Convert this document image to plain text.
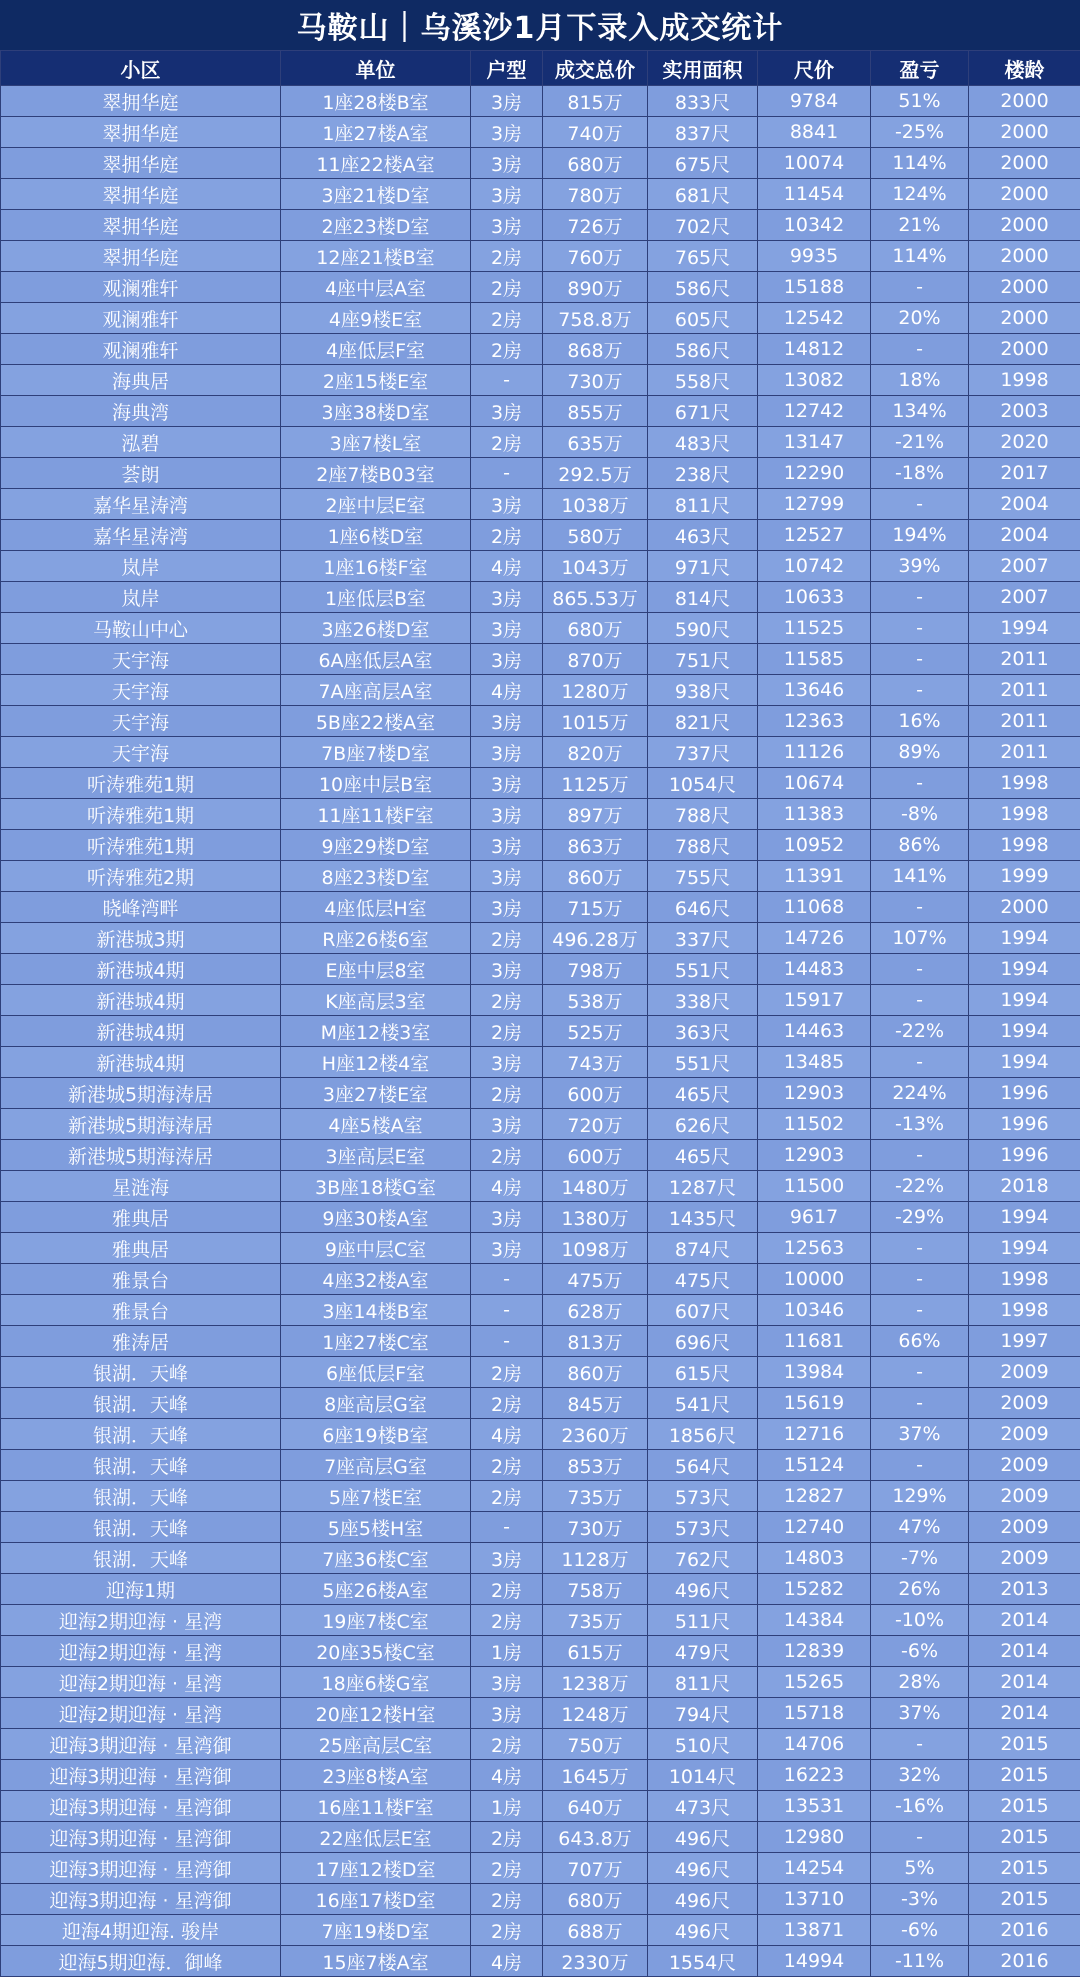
马鞍山｜乌溪沙1月下录入成交统计
小区	单位	户型	成交总价	实用面积	尺价	盈亏	楼龄
翠拥华庭	1座28楼B室	3房	815万	833尺	9784	51%	2000
翠拥华庭	1座27楼A室	3房	740万	837尺	8841	-25%	2000
翠拥华庭	11座22楼A室	3房	680万	675尺	10074	114%	2000
翠拥华庭	3座21楼D室	3房	780万	681尺	11454	124%	2000
翠拥华庭	2座23楼D室	3房	726万	702尺	10342	21%	2000
翠拥华庭	12座21楼B室	2房	760万	765尺	9935	114%	2000
观澜雅轩	4座中层A室	2房	890万	586尺	15188	-	2000
观澜雅轩	4座9楼E室	2房	758.8万	605尺	12542	20%	2000
观澜雅轩	4座低层F室	2房	868万	586尺	14812	-	2000
海典居	2座15楼E室	-	730万	558尺	13082	18%	1998
海典湾	3座38楼D室	3房	855万	671尺	12742	134%	2003
泓碧	3座7楼L室	2房	635万	483尺	13147	-21%	2020
荟朗	2座7楼B03室	-	292.5万	238尺	12290	-18%	2017
嘉华星涛湾	2座中层E室	3房	1038万	811尺	12799	-	2004
嘉华星涛湾	1座6楼D室	2房	580万	463尺	12527	194%	2004
岚岸	1座16楼F室	4房	1043万	971尺	10742	39%	2007
岚岸	1座低层B室	3房	865.53万	814尺	10633	-	2007
马鞍山中心	3座26楼D室	3房	680万	590尺	11525	-	1994
天宇海	6A座低层A室	3房	870万	751尺	11585	-	2011
天宇海	7A座高层A室	4房	1280万	938尺	13646	-	2011
天宇海	5B座22楼A室	3房	1015万	821尺	12363	16%	2011
天宇海	7B座7楼D室	3房	820万	737尺	11126	89%	2011
听涛雅苑1期	10座中层B室	3房	1125万	1054尺	10674	-	1998
听涛雅苑1期	11座11楼F室	3房	897万	788尺	11383	-8%	1998
听涛雅苑1期	9座29楼D室	3房	863万	788尺	10952	86%	1998
听涛雅苑2期	8座23楼D室	3房	860万	755尺	11391	141%	1999
晓峰湾畔	4座低层H室	3房	715万	646尺	11068	-	2000
新港城3期	R座26楼6室	2房	496.28万	337尺	14726	107%	1994
新港城4期	E座中层8室	3房	798万	551尺	14483	-	1994
新港城4期	K座高层3室	2房	538万	338尺	15917	-	1994
新港城4期	M座12楼3室	2房	525万	363尺	14463	-22%	1994
新港城4期	H座12楼4室	3房	743万	551尺	13485	-	1994
新港城5期海涛居	3座27楼E室	2房	600万	465尺	12903	224%	1996
新港城5期海涛居	4座5楼A室	3房	720万	626尺	11502	-13%	1996
新港城5期海涛居	3座高层E室	2房	600万	465尺	12903	-	1996
星涟海	3B座18楼G室	4房	1480万	1287尺	11500	-22%	2018
雅典居	9座30楼A室	3房	1380万	1435尺	9617	-29%	1994
雅典居	9座中层C室	3房	1098万	874尺	12563	-	1994
雅景台	4座32楼A室	-	475万	475尺	10000	-	1998
雅景台	3座14楼B室	-	628万	607尺	10346	-	1998
雅涛居	1座27楼C室	-	813万	696尺	11681	66%	1997
银湖．天峰	6座低层F室	2房	860万	615尺	13984	-	2009
银湖．天峰	8座高层G室	2房	845万	541尺	15619	-	2009
银湖．天峰	6座19楼B室	4房	2360万	1856尺	12716	37%	2009
银湖．天峰	7座高层G室	2房	853万	564尺	15124	-	2009
银湖．天峰	5座7楼E室	2房	735万	573尺	12827	129%	2009
银湖．天峰	5座5楼H室	-	730万	573尺	12740	47%	2009
银湖．天峰	7座36楼C室	3房	1128万	762尺	14803	-7%	2009
迎海1期	5座26楼A室	2房	758万	496尺	15282	26%	2013
迎海2期迎海 · 星湾	19座7楼C室	2房	735万	511尺	14384	-10%	2014
迎海2期迎海 · 星湾	20座35楼C室	1房	615万	479尺	12839	-6%	2014
迎海2期迎海 · 星湾	18座6楼G室	3房	1238万	811尺	15265	28%	2014
迎海2期迎海 · 星湾	20座12楼H室	3房	1248万	794尺	15718	37%	2014
迎海3期迎海 · 星湾御	25座高层C室	2房	750万	510尺	14706	-	2015
迎海3期迎海 · 星湾御	23座8楼A室	4房	1645万	1014尺	16223	32%	2015
迎海3期迎海 · 星湾御	16座11楼F室	1房	640万	473尺	13531	-16%	2015
迎海3期迎海 · 星湾御	22座低层E室	2房	643.8万	496尺	12980	-	2015
迎海3期迎海 · 星湾御	17座12楼D室	2房	707万	496尺	14254	5%	2015
迎海3期迎海 · 星湾御	16座17楼D室	2房	680万	496尺	13710	-3%	2015
迎海4期迎海. 骏岸	7座19楼D室	2房	688万	496尺	13871	-6%	2016
迎海5期迎海．御峰	15座7楼A室	4房	2330万	1554尺	14994	-11%	2016
